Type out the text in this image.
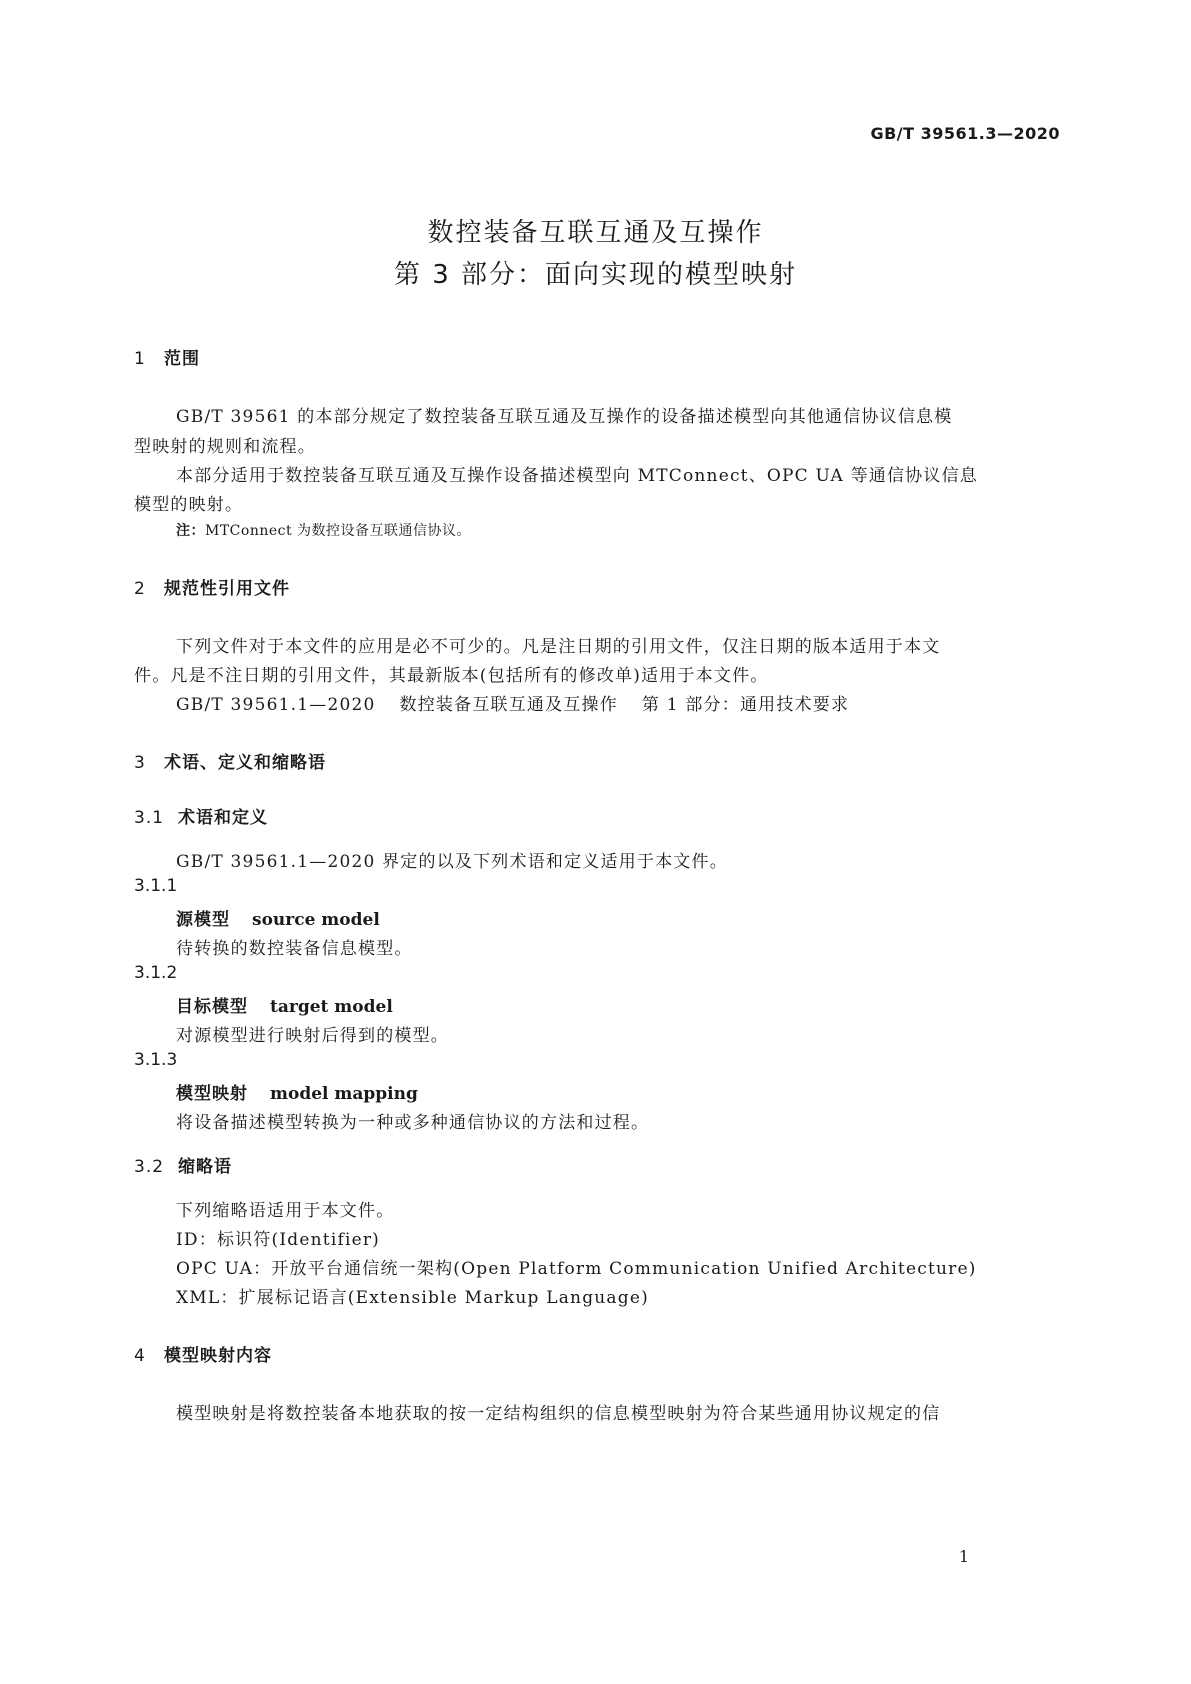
GB/T 39561.3—2020
数控装备互联互通及互操作
第 3 部分：面向实现的模型映射
1 范围
GB/T 39561 的本部分规定了数控装备互联互通及互操作的设备描述模型向其他通信协议信息模
型映射的规则和流程。
本部分适用于数控装备互联互通及互操作设备描述模型向 MTConnect、OPC UA 等通信协议信息
模型的映射。
注：MTConnect 为数控设备互联通信协议。
2 规范性引用文件
下列文件对于本文件的应用是必不可少的。凡是注日期的引用文件，仅注日期的版本适用于本文
件。凡是不注日期的引用文件，其最新版本(包括所有的修改单)适用于本文件。
GB/T 39561.1—2020 数控装备互联互通及互操作 第 1 部分：通用技术要求
3 术语、定义和缩略语
3.1 术语和定义
GB/T 39561.1—2020 界定的以及下列术语和定义适用于本文件。
3.1.1
源模型 source model
待转换的数控装备信息模型。
3.1.2
目标模型 target model
对源模型进行映射后得到的模型。
3.1.3
模型映射 model mapping
将设备描述模型转换为一种或多种通信协议的方法和过程。
3.2 缩略语
下列缩略语适用于本文件。
ID：标识符(Identifier)
OPC UA：开放平台通信统一架构(Open Platform Communication Unified Architecture)
XML：扩展标记语言(Extensible Markup Language)
4 模型映射内容
模型映射是将数控装备本地获取的按一定结构组织的信息模型映射为符合某些通用协议规定的信
1
